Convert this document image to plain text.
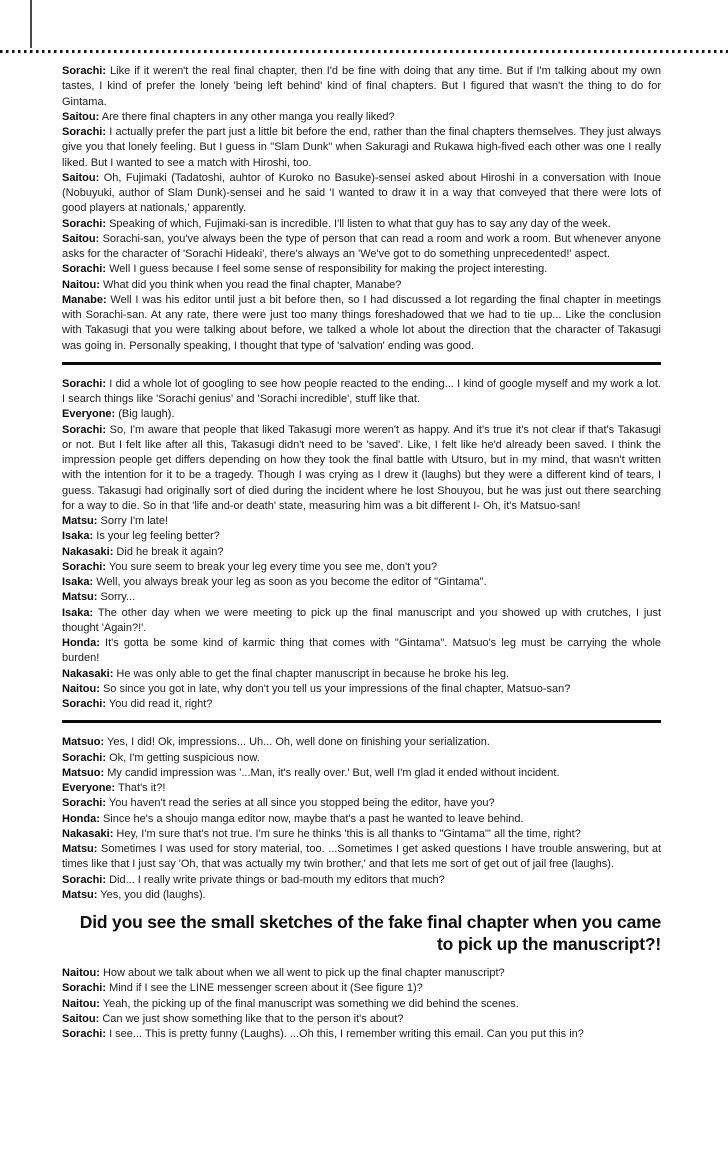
Sorachi: Like if it weren't the real final chapter, then I'd be fine with doing that any time. But if I'm talking about my own tastes, I kind of prefer the lonely 'being left behind' kind of final chapters. But I figured that wasn't the thing to do for Gintama.

Saitou: Are there final chapters in any other manga you really liked?

Sorachi: I actually prefer the part just a little bit before the end, rather than the final chapters themselves. They just always give you that lonely feeling. But I guess in "Slam Dunk" when Sakuragi and Rukawa high-fived each other was one I really liked. But I wanted to see a match with Hiroshi, too.

Saitou: Oh, Fujimaki (Tadatoshi, auhtor of Kuroko no Basuke)-sensei asked about Hiroshi in a conversation with Inoue (Nobuyuki, author of Slam Dunk)-sensei and he said 'I wanted to draw it in a way that conveyed that there were lots of good players at nationals,' apparently.

Sorachi: Speaking of which, Fujimaki-san is incredible. I'll listen to what that guy has to say any day of the week.

Saitou: Sorachi-san, you've always been the type of person that can read a room and work a room. But whenever anyone asks for the character of 'Sorachi Hideaki', there's always an 'We've got to do something unprecedented!' aspect.

Sorachi: Well I guess because I feel some sense of responsibility for making the project interesting.

Naitou: What did you think when you read the final chapter, Manabe?

Manabe: Well I was his editor until just a bit before then, so I had discussed a lot regarding the final chapter in meetings with Sorachi-san. At any rate, there were just too many things foreshadowed that we had to tie up... Like the conclusion with Takasugi that you were talking about before, we talked a whole lot about the direction that the character of Takasugi was going in. Personally speaking, I thought that type of 'salvation' ending was good.

Sorachi: I did a whole lot of googling to see how people reacted to the ending... I kind of google myself and my work a lot. I search things like 'Sorachi genius' and 'Sorachi incredible', stuff like that.

Everyone: (Big laugh).

Sorachi: So, I'm aware that people that liked Takasugi more weren't as happy. And it's true it's not clear if that's Takasugi or not. But I felt like after all this, Takasugi didn't need to be 'saved'. Like, I felt like he'd already been saved. I think the impression people get differs depending on how they took the final battle with Utsuro, but in my mind, that wasn't written with the intention for it to be a tragedy. Though I was crying as I drew it (laughs) but they were a different kind of tears, I guess. Takasugi had originally sort of died during the incident where he lost Shouyou, but he was just out there searching for a way to die. So in that 'life and-or death' state, measuring him was a bit different I- Oh, it's Matsuo-san!

Matsu: Sorry I'm late!

Isaka: Is your leg feeling better?

Nakasaki: Did he break it again?

Sorachi: You sure seem to break your leg every time you see me, don't you?

Isaka: Well, you always break your leg as soon as you become the editor of "Gintama".

Matsu: Sorry...

Isaka: The other day when we were meeting to pick up the final manuscript and you showed up with crutches, I just thought 'Again?!'.

Honda: It's gotta be some kind of karmic thing that comes with "Gintama". Matsuo's leg must be carrying the whole burden!

Nakasaki: He was only able to get the final chapter manuscript in because he broke his leg.

Naitou: So since you got in late, why don't you tell us your impressions of the final chapter, Matsuo-san?

Sorachi: You did read it, right?

Matsuo: Yes, I did! Ok, impressions... Uh... Oh, well done on finishing your serialization.

Sorachi: Ok, I'm getting suspicious now.

Matsuo: My candid impression was '...Man, it's really over.' But, well I'm glad it ended without incident.

Everyone: That's it?!

Sorachi: You haven't read the series at all since you stopped being the editor, have you?

Honda: Since he's a shoujo manga editor now, maybe that's a past he wanted to leave behind.

Nakasaki: Hey, I'm sure that's not true. I'm sure he thinks 'this is all thanks to "Gintama"' all the time, right?

Matsu: Sometimes I was used for story material, too. ...Sometimes I get asked questions I have trouble answering, but at times like that I just say 'Oh, that was actually my twin brother,' and that lets me sort of get out of jail free (laughs).

Sorachi: Did... I really write private things or bad-mouth my editors that much?

Matsu: Yes, you did (laughs).

Did you see the small sketches of the fake final chapter when you came to pick up the manuscript?!

Naitou: How about we talk about when we all went to pick up the final chapter manuscript?

Sorachi: Mind if I see the LINE messenger screen about it (See figure 1)?

Naitou: Yeah, the picking up of the final manuscript was something we did behind the scenes.

Saitou: Can we just show something like that to the person it's about?

Sorachi: I see... This is pretty funny (Laughs). ...Oh this, I remember writing this email. Can you put this in?
